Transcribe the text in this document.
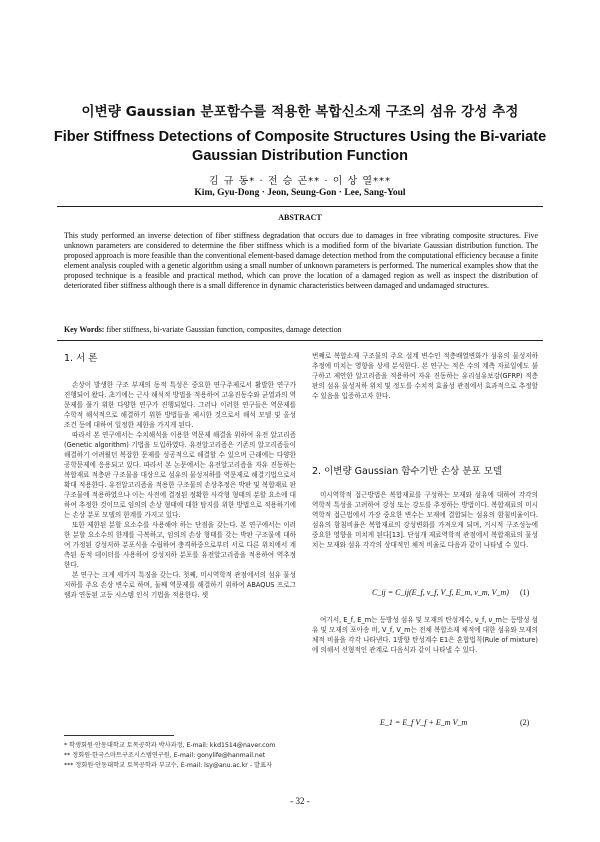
이변량 Gaussian 분포함수를 적용한 복합신소재 구조의 섬유 강성 추정
Fiber Stiffness Detections of Composite Structures Using the Bi-variate Gaussian Distribution Function
김 규 동* · 전 승 곤** · 이 상 열***
Kim, Gyu-Dong · Jeon, Seung-Gon · Lee, Sang-Youl
ABSTRACT
This study performed an inverse detection of fiber stiffness degradation that occurs due to damages in free vibrating composite structures. Five unknown parameters are considered to determine the fiber stiffness which is a modified form of the bivariate Gaussian distribution function. The proposed approach is more feasible than the conventional element-based damage detection method from the computational efficiency because a finite element analysis coupled with a genetic algorithm using a small number of unknown parameters is performed. The numerical examples show that the proposed technique is a feasible and practical method, which can prove the location of a damaged region as well as inspect the distribution of deteriorated fiber stiffness although there is a small difference in dynamic characteristics between damaged and undamaged structures.
Key Words: fiber stiffness, bi-variate Gaussian function, composites, damage detection
1. 서 론

손상이 발생한 구조 부재의 동적 특성은 중요한 연구주제로서 활발한 연구가 진행되어 왔다. 초기에는 근사 해석적 방법을 적용하여 고유진동수와 균열과의 역문제를 풀기 위한 다양한 연구가 진행되었다. 그러나 이러한 연구들은 역문제를 수학적 해석적으로 해결하기 위한 방법들을 제시한 것으로서 해석 모델 및 올성 조건 등에 대하여 일정한 제한을 가지게 된다.

따라서 본 연구에서는 수치해석을 이용한 역문제 해결을 위하여 유전 알고리즘(Genetic algorithm) 기법을 도입하였다. 유전알고리즘은 기존의 알고리즘들이 해결하기 어려웠던 복잡한 문제를 성공적으로 해결할 수 있으며 근래에는 다양한 공학문제에 응용되고 있다. 따라서 본 논문에서는 유전알고리즘을 자유 진동하는 복합재료 적층판 구조물을 대상으로 섬유의 물성저하를 역문제로 해결기법으로서 확대 적용한다. 유전알고리즘을 적용한 구조물의 손상추정은 박판 및 복합재료 판구조물에 적용하였으나 이는 사전에 결정된 정확한 사각형 형태의 분할 요소에 대하여 추정한 것이므로 임의의 손상 형태에 대한 탐지를 위한 방법으로 적용하기에는 손상 분포 모델의 한계를 가지고 있다.

또한 제한된 분할 요소수를 사용해야 하는 단점을 갖는다. 본 연구에서는 이러한 분할 요소수의 한계를 극복하고, 임의의 손상 형태를 갖는 박판 구조물에 대하여 가정된 강성저하 분포식을 수립하여 충격하중으로부터 서로 다른 위치에서 계측된 동적 데이터를 사용하여 강성저하 분포를 유전알고리즘을 적용하여 역추정한다.

본 연구는 크게 세가지 특징을 갖는다. 첫째, 미시역학적 관점에서의 섬유 물성저하를 주요 손상 변수로 하며, 둘째 역문제를 해결하기 위하여 ABAQUS 프로그램과 연동된 고등 시스템 인식 기법을 적용한다. 셋

번째로 복합소재 구조물의 주요 설계 변수인 적층배열변화가 섬유의 물성저하 추정에 미치는 영향을 상세 분석한다. 본 연구는 적은 수의 계측 자료일에도 불구하고 제안한 알고리즘을 적용하여 자유 진동하는 유리섬유보강(GFRP) 적층판의 섬유 물성저하 위치 및 정도를 수치적 효율성 관점에서 효과적으로 추정할 수 있음을 입증하고자 한다.

2. 이변량 Gaussian 함수기반 손상 분포 모델

미시역학적 접근방법은 복합재료를 구성하는 모재와 섬유에 대하여 각각의 역학적 특성을 고려하여 강성 또는 강도를 추정하는 방법이다. 복합재료의 미시역학적 접근법에서 가장 중요한 변수는 모재에 결합되는 섬유의 함침비율이다. 섬유의 함침비율은 복합재료의 강성변화를 가져오게 되며, 거시적 구조성능에 중요한 영향을 미치게 된다[13]. 단섬개 재료역학적 관점에서 복합재료의 물성치는 모재와 섬유 각각의 상대적인 체적 비율로 다음과 같이 나타낼 수 있다.

C_ij = C_ij(E_f, ν_f, V_f, E_m, ν_m, V_m) (1)

여기서, E_f, E_m는 등방성 섬유 및 모재의 탄성계수, ν_f, ν_m는 등방성 섬유 및 모재의 포아송 비, V_f, V_m는 전체 복합소재 체적에 대한 섬유와 모재의 체적 비율을 각각 나타낸다. 1방향 탄성계수 E1은 혼합법칙(Rule of mixture)에 의해서 선형적인 관계로 다음식과 같이 나타낼 수 있다.

E_1 = E_f V_f + E_m V_m	(2)
* 학생회원·안동대학교 토목공학과 박사과정, E-mail: kkd1514@naver.com
** 정회원·한국스마트구조시스템연구원, E-mail: gonylife@hanmail.net
*** 정회원·안동대학교 토목공학과 부교수, E-mail: lsy@anu.ac.kr - 발표자
- 32 -
